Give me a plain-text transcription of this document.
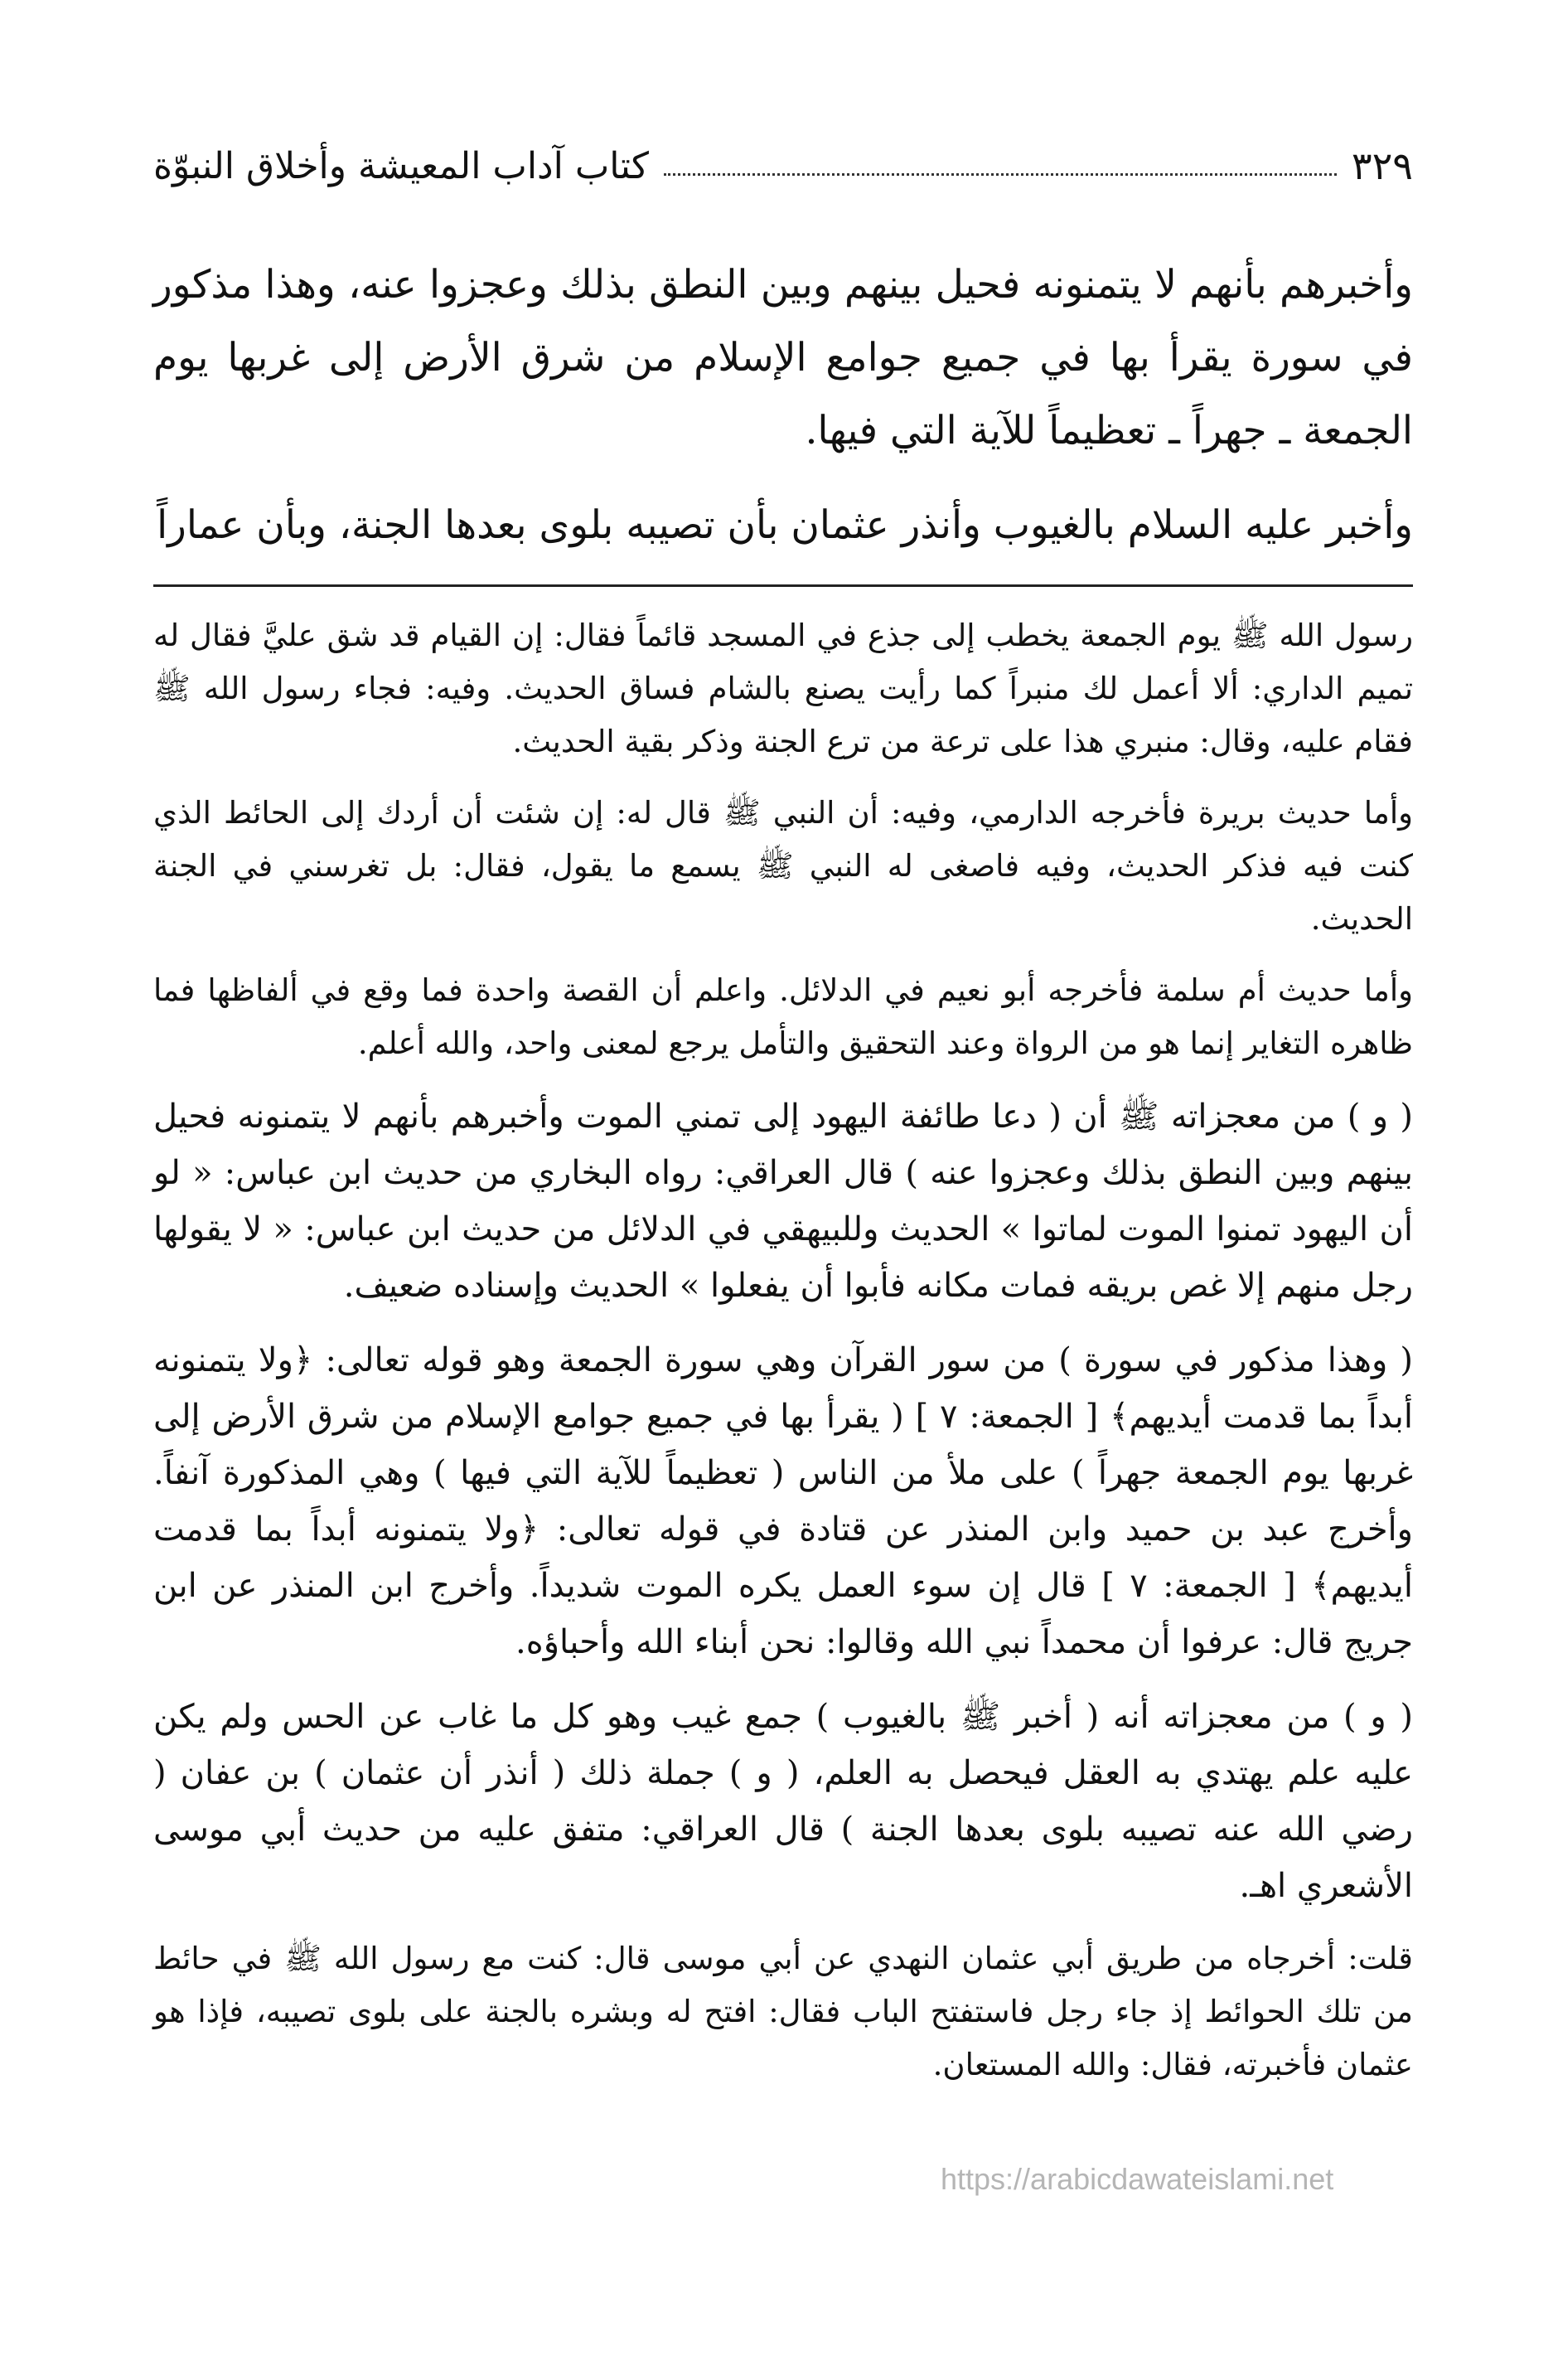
كتاب آداب المعيشة وأخلاق النبوّة	٣٢٩

وأخبرهم بأنهم لا يتمنونه فحيل بينهم وبين النطق بذلك وعجزوا عنه، وهذا مذكور في سورة يقرأ بها في جميع جوامع الإسلام من شرق الأرض إلى غربها يوم الجمعة ـ جهراً ـ تعظيماً للآية التي فيها.

وأخبر عليه السلام بالغيوب وأنذر عثمان بأن تصيبه بلوى بعدها الجنة، وبأن عماراً

رسول الله ﷺ يوم الجمعة يخطب إلى جذع في المسجد قائماً فقال: إن القيام قد شق عليَّ فقال له تميم الداري: ألا أعمل لك منبراً كما رأيت يصنع بالشام فساق الحديث. وفيه: فجاء رسول الله ﷺ فقام عليه، وقال: منبري هذا على ترعة من ترع الجنة وذكر بقية الحديث.

وأما حديث بريرة فأخرجه الدارمي، وفيه: أن النبي ﷺ قال له: إن شئت أن أردك إلى الحائط الذي كنت فيه فذكر الحديث، وفيه فاصغى له النبي ﷺ يسمع ما يقول، فقال: بل تغرسني في الجنة الحديث.

وأما حديث أم سلمة فأخرجه أبو نعيم في الدلائل. واعلم أن القصة واحدة فما وقع في ألفاظها فما ظاهره التغاير إنما هو من الرواة وعند التحقيق والتأمل يرجع لمعنى واحد، والله أعلم.

( و ) من معجزاته ﷺ أن ( دعا طائفة اليهود إلى تمني الموت وأخبرهم بأنهم لا يتمنونه فحيل بينهم وبين النطق بذلك وعجزوا عنه ) قال العراقي: رواه البخاري من حديث ابن عباس: « لو أن اليهود تمنوا الموت لماتوا » الحديث وللبيهقي في الدلائل من حديث ابن عباس: « لا يقولها رجل منهم إلا غص بريقه فمات مكانه فأبوا أن يفعلوا » الحديث وإسناده ضعيف.

( وهذا مذكور في سورة ) من سور القرآن وهي سورة الجمعة وهو قوله تعالى: ﴿ولا يتمنونه أبداً بما قدمت أيديهم﴾ [ الجمعة: ٧ ] ( يقرأ بها في جميع جوامع الإسلام من شرق الأرض إلى غربها يوم الجمعة جهراً ) على ملأ من الناس ( تعظيماً للآية التي فيها ) وهي المذكورة آنفاً. وأخرج عبد بن حميد وابن المنذر عن قتادة في قوله تعالى: ﴿ولا يتمنونه أبداً بما قدمت أيديهم﴾ [ الجمعة: ٧ ] قال إن سوء العمل يكره الموت شديداً. وأخرج ابن المنذر عن ابن جريج قال: عرفوا أن محمداً نبي الله وقالوا: نحن أبناء الله وأحباؤه.

( و ) من معجزاته أنه ( أخبر ﷺ بالغيوب ) جمع غيب وهو كل ما غاب عن الحس ولم يكن عليه علم يهتدي به العقل فيحصل به العلم، ( و ) جملة ذلك ( أنذر أن عثمان ) بن عفان ( رضي الله عنه تصيبه بلوى بعدها الجنة ) قال العراقي: متفق عليه من حديث أبي موسى الأشعري اهـ.

قلت: أخرجاه من طريق أبي عثمان النهدي عن أبي موسى قال: كنت مع رسول الله ﷺ في حائط من تلك الحوائط إذ جاء رجل فاستفتح الباب فقال: افتح له وبشره بالجنة على بلوى تصيبه، فإذا هو عثمان فأخبرته، فقال: والله المستعان.

https://arabicdawateislami.net
